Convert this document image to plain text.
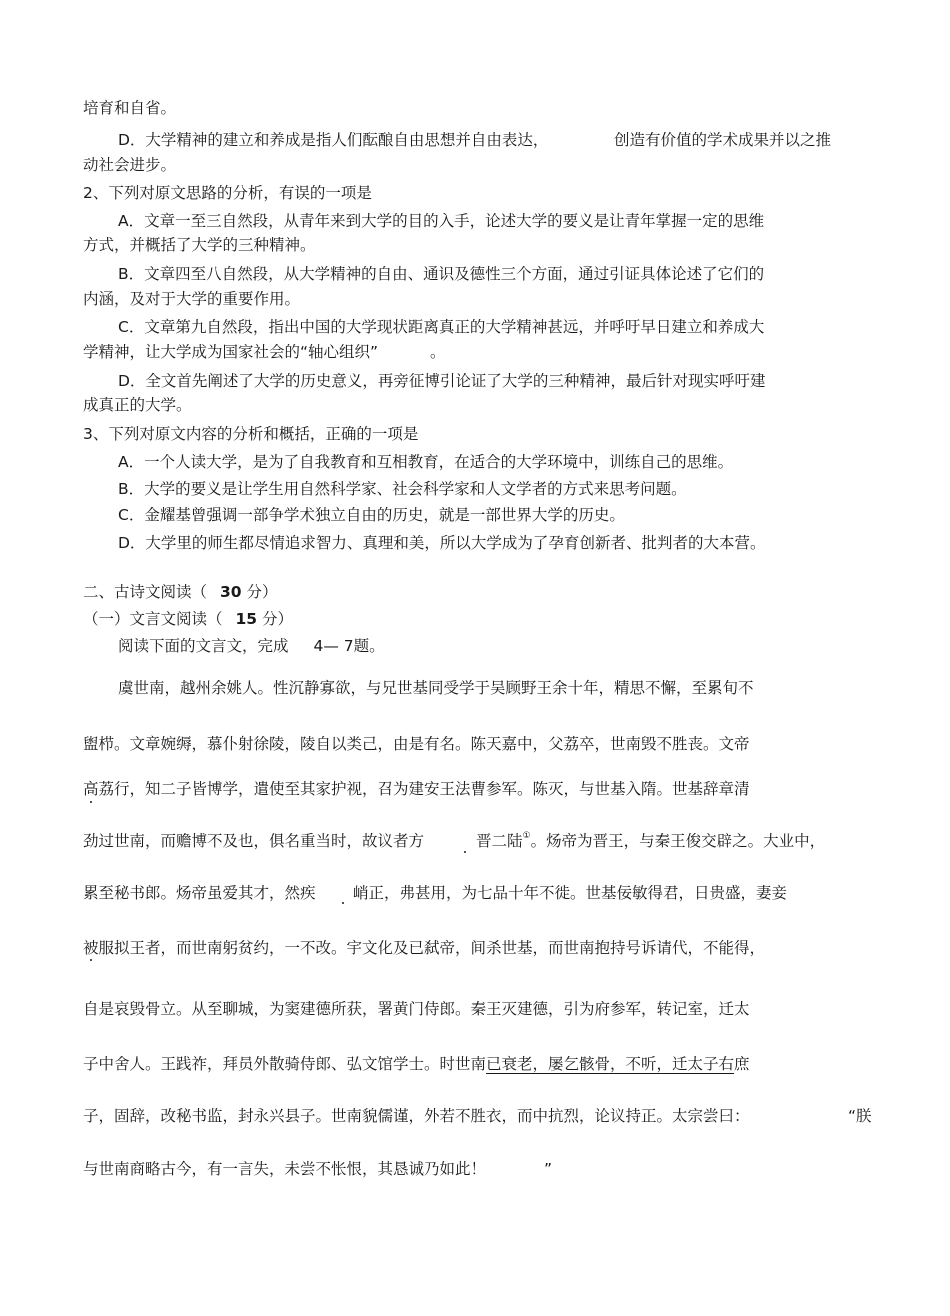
培育和自省。
D．大学精神的建立和养成是指人们酝酿自由思想并自由表达，	创造有价值的学术成果并以之推
动社会进步。
2、下列对原文思路的分析，有误的一项是
A．文章一至三自然段，从青年来到大学的目的入手，论述大学的要义是让青年掌握一定的思维
方式，并概括了大学的三种精神。
B．文章四至八自然段，从大学精神的自由、通识及德性三个方面，通过引证具体论述了它们的
内涵，及对于大学的重要作用。
C．文章第九自然段，指出中国的大学现状距离真正的大学精神甚远，并呼吁早日建立和养成大
学精神，让大学成为国家社会的“轴心组织”	。
D．全文首先阐述了大学的历史意义，再旁征博引论证了大学的三种精神，最后针对现实呼吁建
成真正的大学。
3、下列对原文内容的分析和概括，正确的一项是
A．一个人读大学，是为了自我教育和互相教育，在适合的大学环境中，训练自己的思维。
B．大学的要义是让学生用自然科学家、社会科学家和人文学者的方式来思考问题。
C．金耀基曾强调一部争学术独立自由的历史，就是一部世界大学的历史。
D．大学里的师生都尽情追求智力、真理和美，所以大学成为了孕育创新者、批判者的大本营。
二、古诗文阅读（ 30 分）
（一）文言文阅读（ 15 分）
阅读下面的文言文，完成 4— 7题。
虞世南，越州余姚人。性沉静寡欲，与兄世基同受学于吴顾野王余十年，精思不懈，至累旬不
盥栉。文章婉缛，慕仆射徐陵，陵自以类己，由是有名。陈天嘉中，父荔卒，世南毁不胜丧。文帝
高荔行，知二子皆博学，遣使至其家护视，召为建安王法曹参军。陈灭，与世基入隋。世基辞章清
劲过世南，而赡博不及也，俱名重当时，故议者方	晋二陆①。炀帝为晋王，与秦王俊交辟之。大业中，
累至秘书郎。炀帝虽爱其才，然疾 峭正，弗甚用，为七品十年不徙。世基佞敏得君，日贵盛，妻妾
被服拟王者，而世南躬贫约，一不改。宇文化及已弑帝，间杀世基，而世南抱持号诉请代，不能得，
自是哀毁骨立。从至聊城，为窦建德所获，署黄门侍郎。秦王灭建德，引为府参军，转记室，迁太
子中舍人。王践祚，拜员外散骑侍郎、弘文馆学士。时世南已衰老，屡乞骸骨，不听，迁太子右庶
子，固辞，改秘书监，封永兴县子。世南貌儒谨，外若不胜衣，而中抗烈，论议持正。太宗尝曰：	“朕
与世南商略古今，有一言失，未尝不怅恨，其恳诚乃如此！	”
